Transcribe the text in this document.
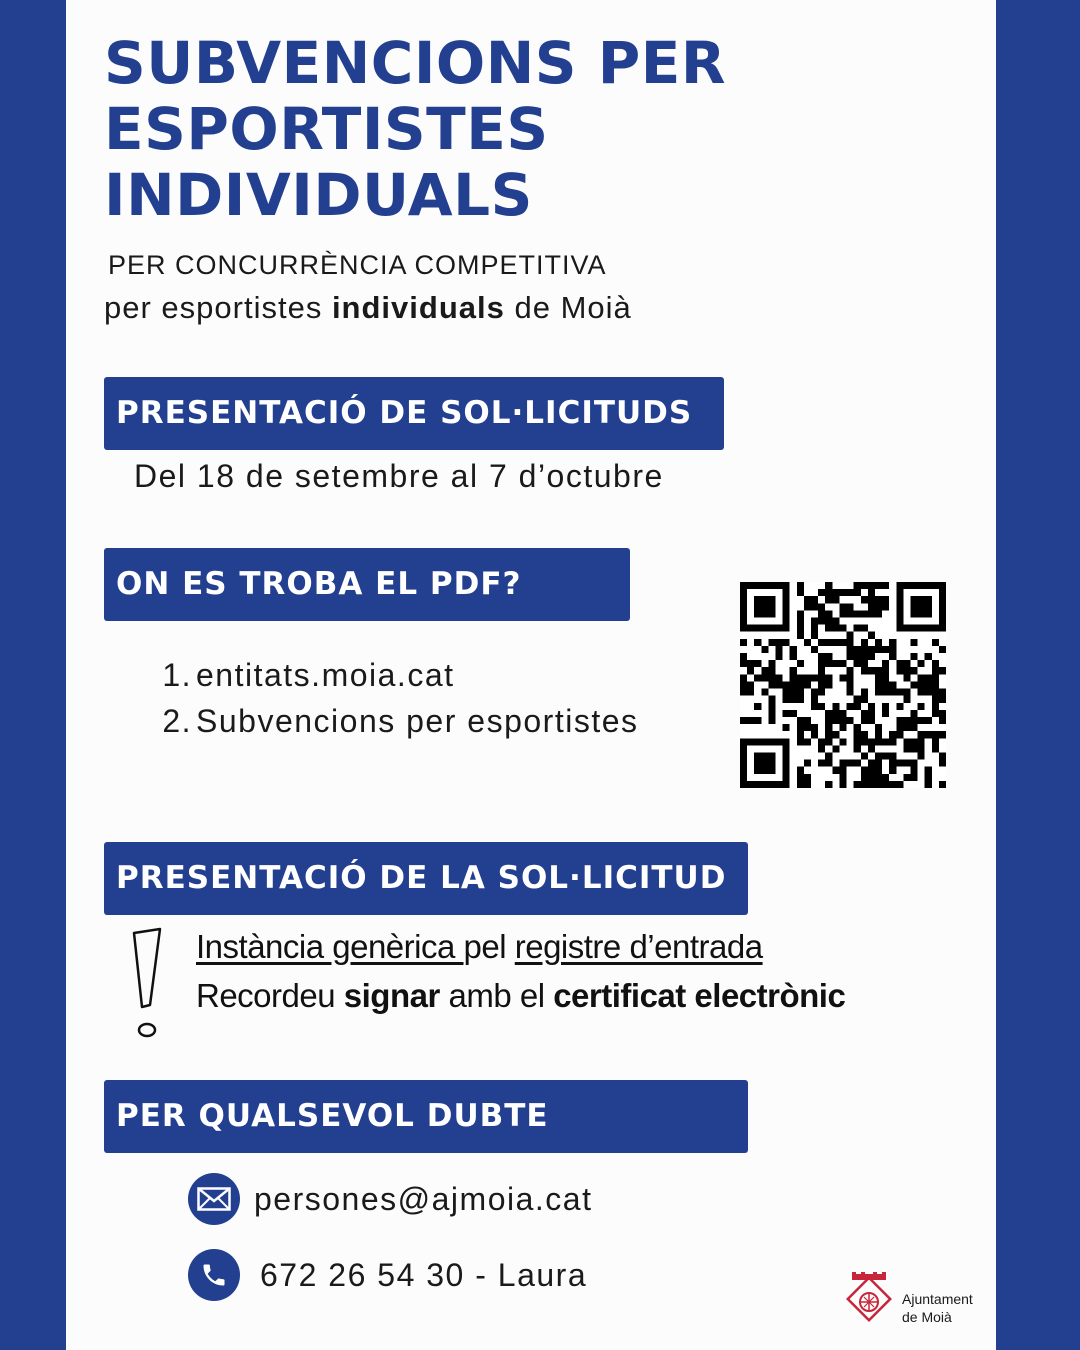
SUBVENCIONS PER
ESPORTISTES
INDIVIDUALS
PER CONCURRÈNCIA COMPETITIVA
per esportistes individuals de Moià
PRESENTACIÓ DE SOL·LICITUDS
Del 18 de setembre al 7 d’octubre
ON ES TROBA EL PDF?
1. entitats.moia.cat
2. Subvencions per esportistes
PRESENTACIÓ DE LA SOL·LICITUD
Instància genèrica pel registre d’entrada
Recordeu signar amb el certificat electrònic
PER QUALSEVOL DUBTE
persones@ajmoia.cat
672 26 54 30 - Laura
Ajuntament
de Moià
